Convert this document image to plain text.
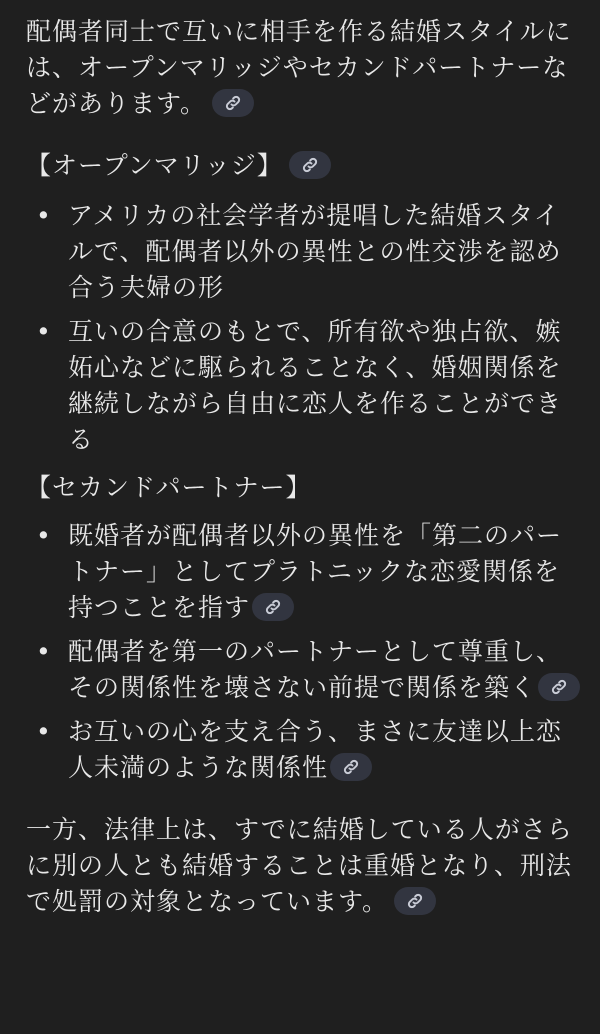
配偶者同士で互いに相手を作る結婚スタイルには、オープンマリッジやセカンドパートナーなどがあります。

【オープンマリッジ】

• アメリカの社会学者が提唱した結婚スタイルで、配偶者以外の異性との性交渉を認め合う夫婦の形
• 互いの合意のもとで、所有欲や独占欲、嫉妬心などに駆られることなく、婚姻関係を継続しながら自由に恋人を作ることができる

【セカンドパートナー】

• 既婚者が配偶者以外の異性を「第二のパートナー」としてプラトニックな恋愛関係を持つことを指す
• 配偶者を第一のパートナーとして尊重し、その関係性を壊さない前提で関係を築く
• お互いの心を支え合う、まさに友達以上恋人未満のような関係性

一方、法律上は、すでに結婚している人がさらに別の人とも結婚することは重婚となり、刑法で処罰の対象となっています。
